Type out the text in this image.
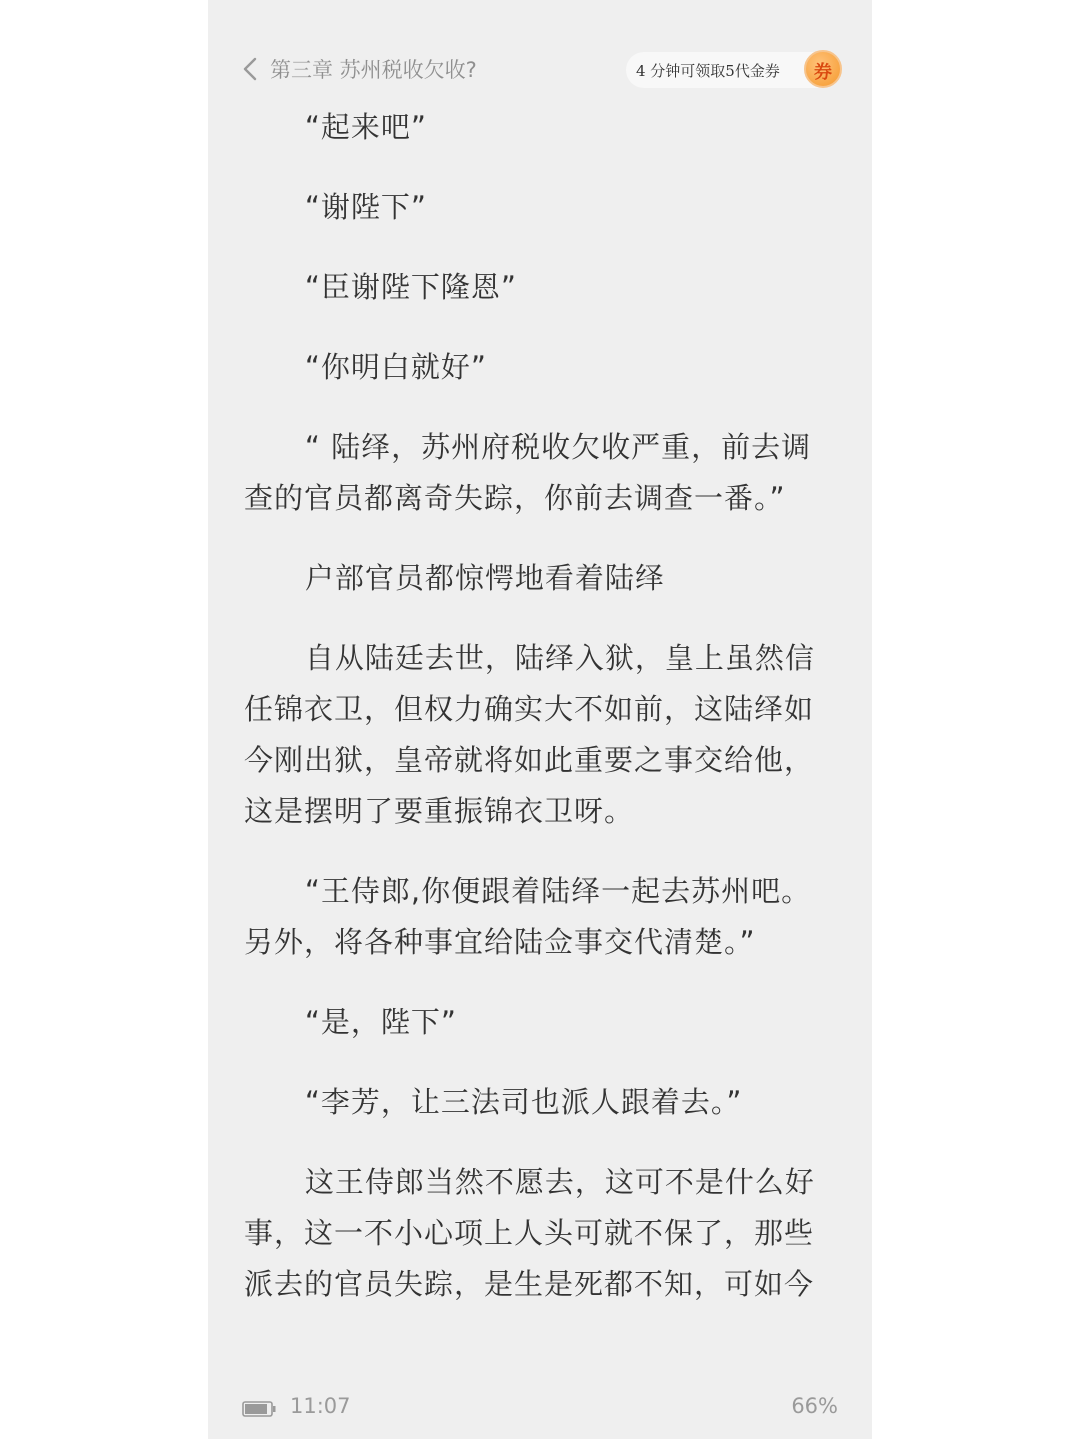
第三章 苏州税收欠收?	4 分钟可领取5代金券	券

“起来吧”

“谢陛下”

“臣谢陛下隆恩”

“你明白就好”

“ 陆绎，苏州府税收欠收严重，前去调查的官员都离奇失踪，你前去调查一番。”

户部官员都惊愕地看着陆绎

自从陆廷去世，陆绎入狱，皇上虽然信任锦衣卫，但权力确实大不如前，这陆绎如今刚出狱，皇帝就将如此重要之事交给他，这是摆明了要重振锦衣卫呀。

“王侍郎,你便跟着陆绎一起去苏州吧。另外，将各种事宜给陆佥事交代清楚。”

“是，陛下”

“李芳，让三法司也派人跟着去。”

这王侍郎当然不愿去，这可不是什么好事，这一不小心项上人头可就不保了，那些派去的官员失踪，是生是死都不知，可如今

11:07	66%
